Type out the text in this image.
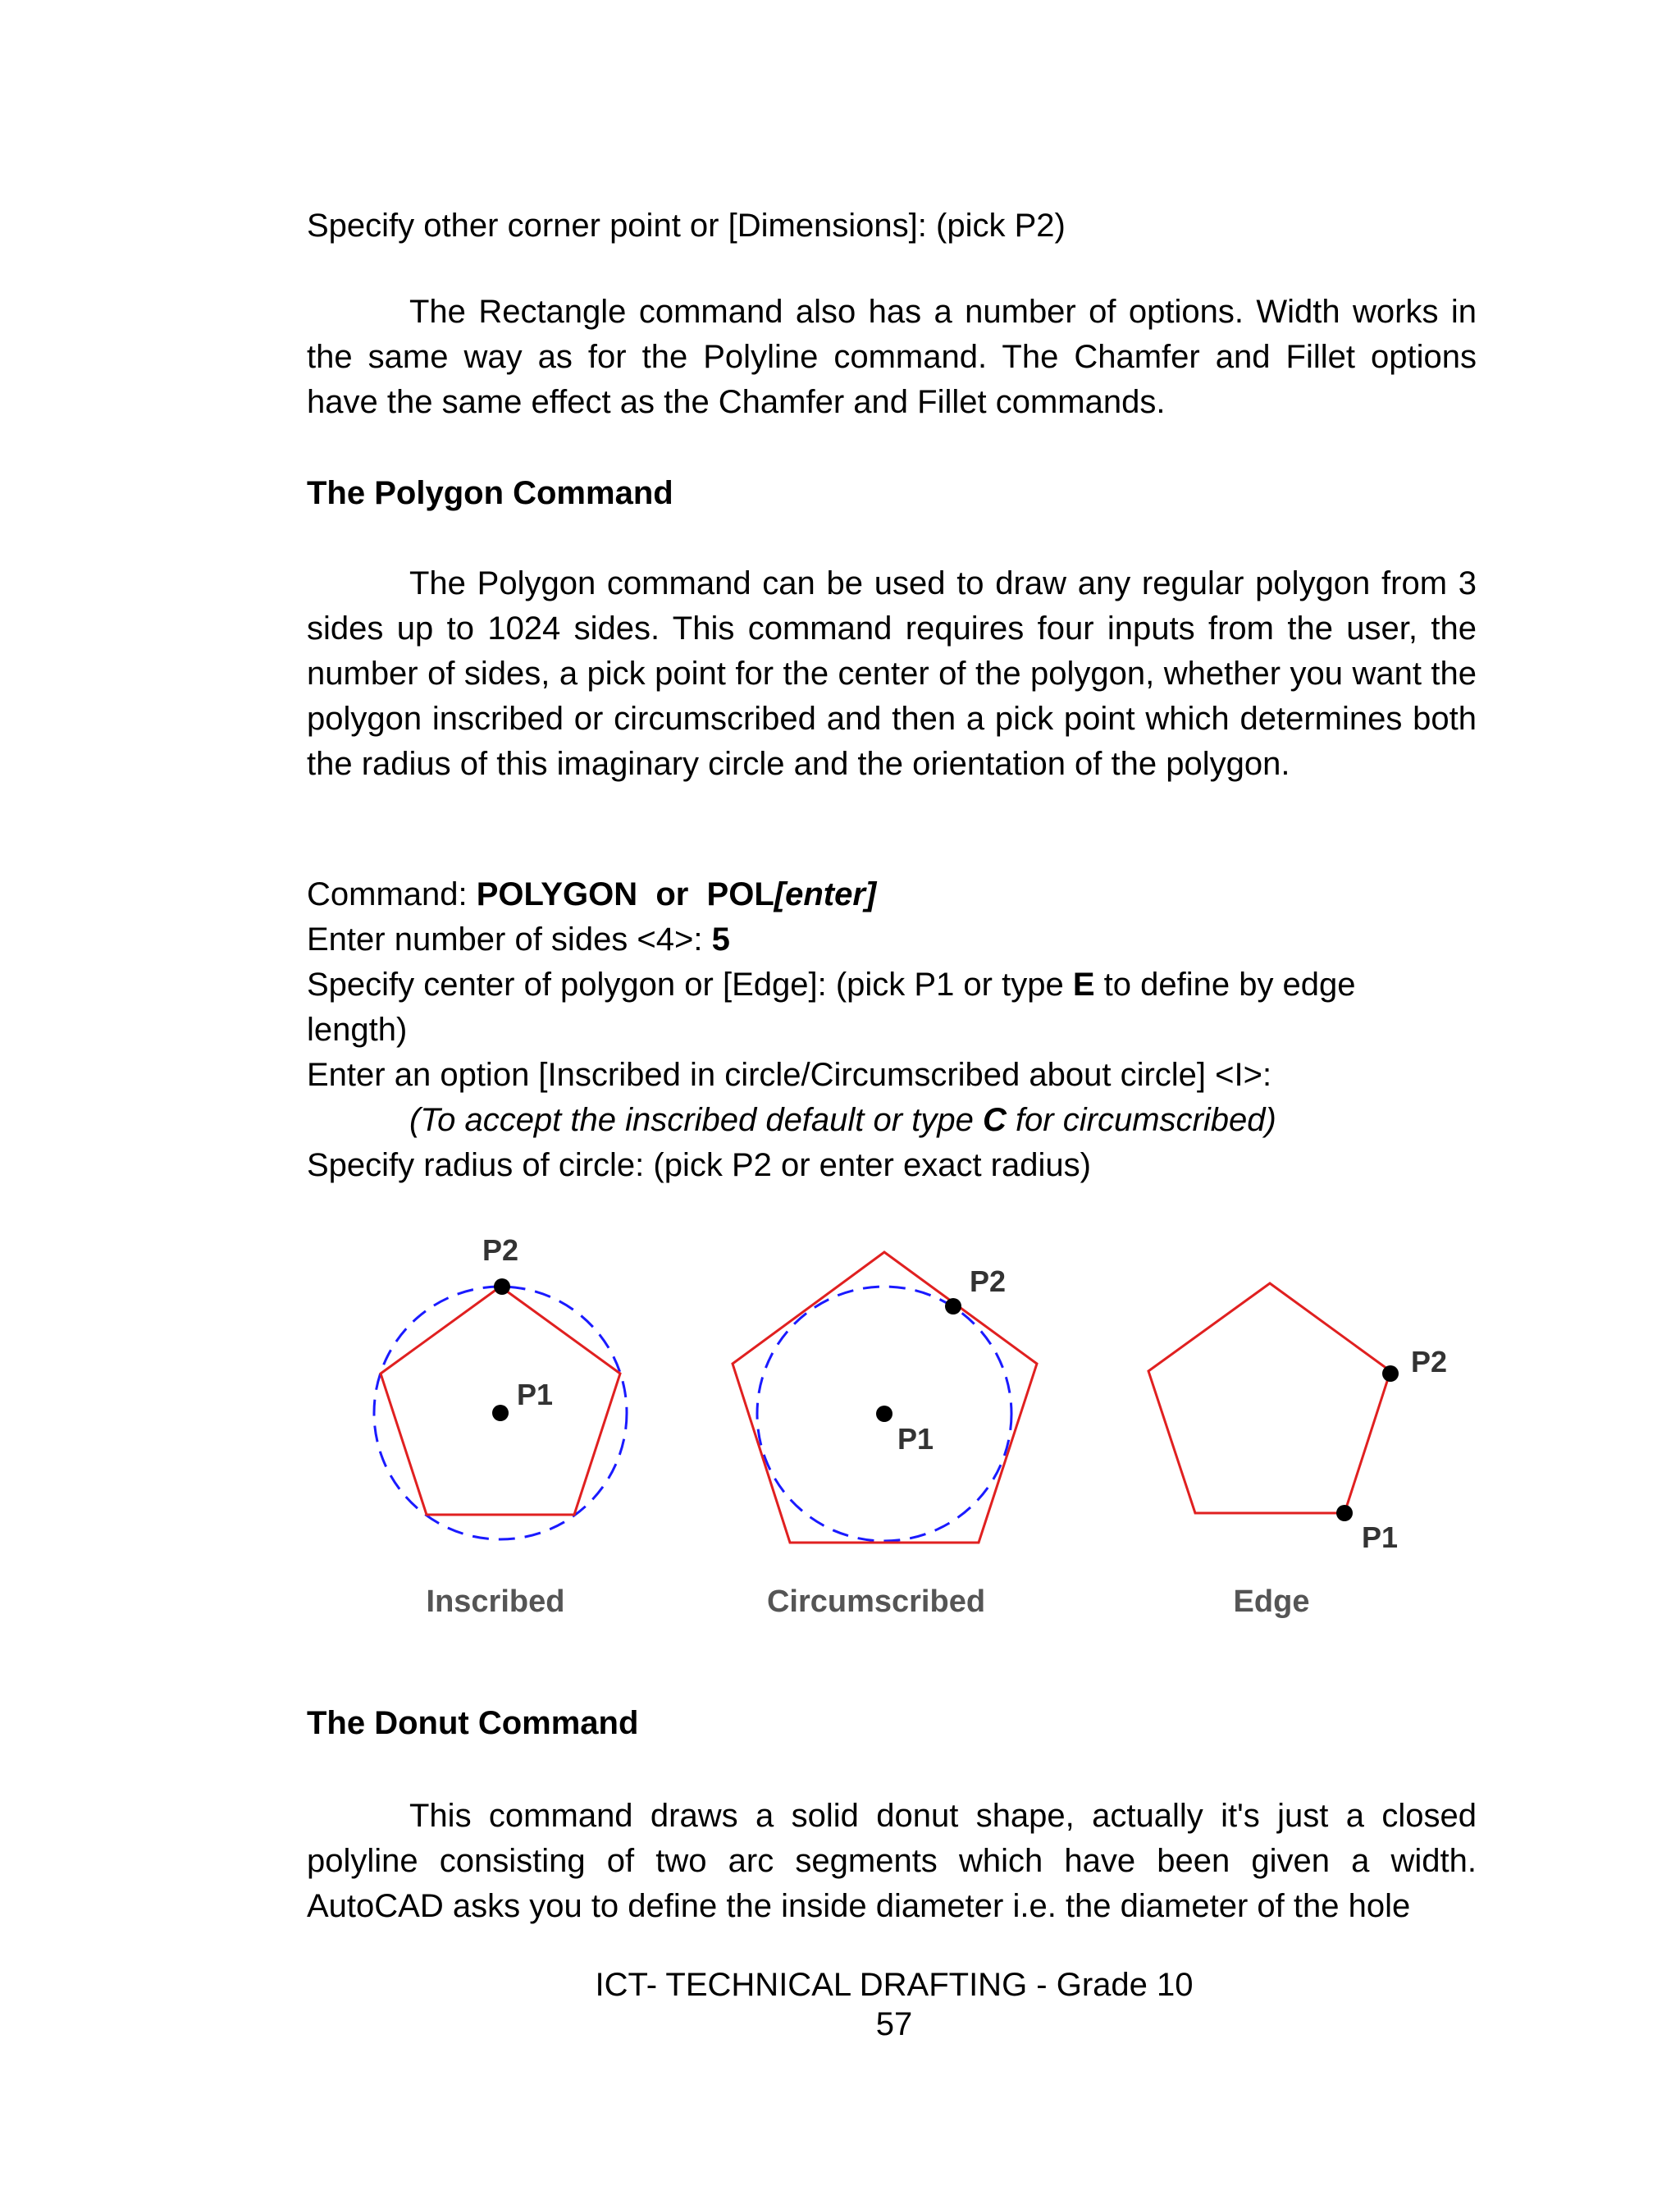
Specify other corner point or [Dimensions]: (pick P2)
The Rectangle command also has a number of options. Width works in the same way as for the Polyline command. The Chamfer and Fillet options have the same effect as the Chamfer and Fillet commands.
The Polygon Command
The Polygon command can be used to draw any regular polygon from 3 sides up to 1024 sides. This command requires four inputs from the user, the number of sides, a pick point for the center of the polygon, whether you want the polygon inscribed or circumscribed and then a pick point which determines both the radius of this imaginary circle and the orientation of the polygon.
Command: POLYGON  or  POL[enter]
Enter number of sides <4>: 5
Specify center of polygon or [Edge]: (pick P1 or type E to define by edge length)
Enter an option [Inscribed in circle/Circumscribed about circle] <I>:
(To accept the inscribed default or type C for circumscribed)
Specify radius of circle: (pick P2 or enter exact radius)
P2
P1
Inscribed
P2
P1
Circumscribed
P2
P1
Edge
The Donut Command
This command draws a solid donut shape, actually it's just a closed polyline consisting of two arc segments which have been given a width. AutoCAD asks you to define the inside diameter i.e. the diameter of the hole
ICT- TECHNICAL DRAFTING - Grade 10
57
